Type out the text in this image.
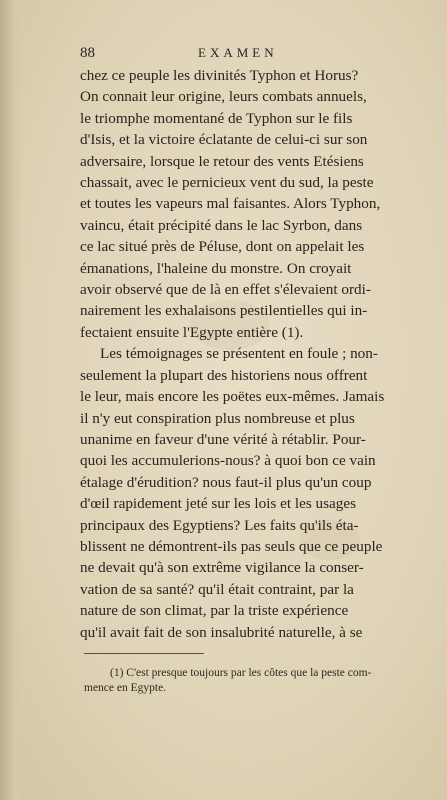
88	EXAMEN
chez ce peuple les divinités Typhon et Horus?
On connait leur origine, leurs combats annuels,
le triomphe momentané de Typhon sur le fils
d'Isis, et la victoire éclatante de celui-ci sur son
adversaire, lorsque le retour des vents Etésiens
chassait, avec le pernicieux vent du sud, la peste
et toutes les vapeurs mal faisantes. Alors Typhon,
vaincu, était précipité dans le lac Syrbon, dans
ce lac situé près de Péluse, dont on appelait les
émanations, l'haleine du monstre. On croyait
avoir observé que de là en effet s'élevaient ordi-
nairement les exhalaisons pestilentielles qui in-
fectaient ensuite l'Egypte entière (1).
Les témoignages se présentent en foule ; non-
seulement la plupart des historiens nous offrent
le leur, mais encore les poëtes eux-mêmes. Jamais
il n'y eut conspiration plus nombreuse et plus
unanime en faveur d'une vérité à rétablir. Pour-
quoi les accumulerions-nous? à quoi bon ce vain
étalage d'érudition? nous faut-il plus qu'un coup
d'œil rapidement jeté sur les lois et les usages
principaux des Egyptiens? Les faits qu'ils éta-
blissent ne démontrent-ils pas seuls que ce peuple
ne devait qu'à son extrême vigilance la conser-
vation de sa santé? qu'il était contraint, par la
nature de son climat, par la triste expérience
qu'il avait fait de son insalubrité naturelle, à se
(1) C'est presque toujours par les côtes que la peste com-
mence en Egypte.
